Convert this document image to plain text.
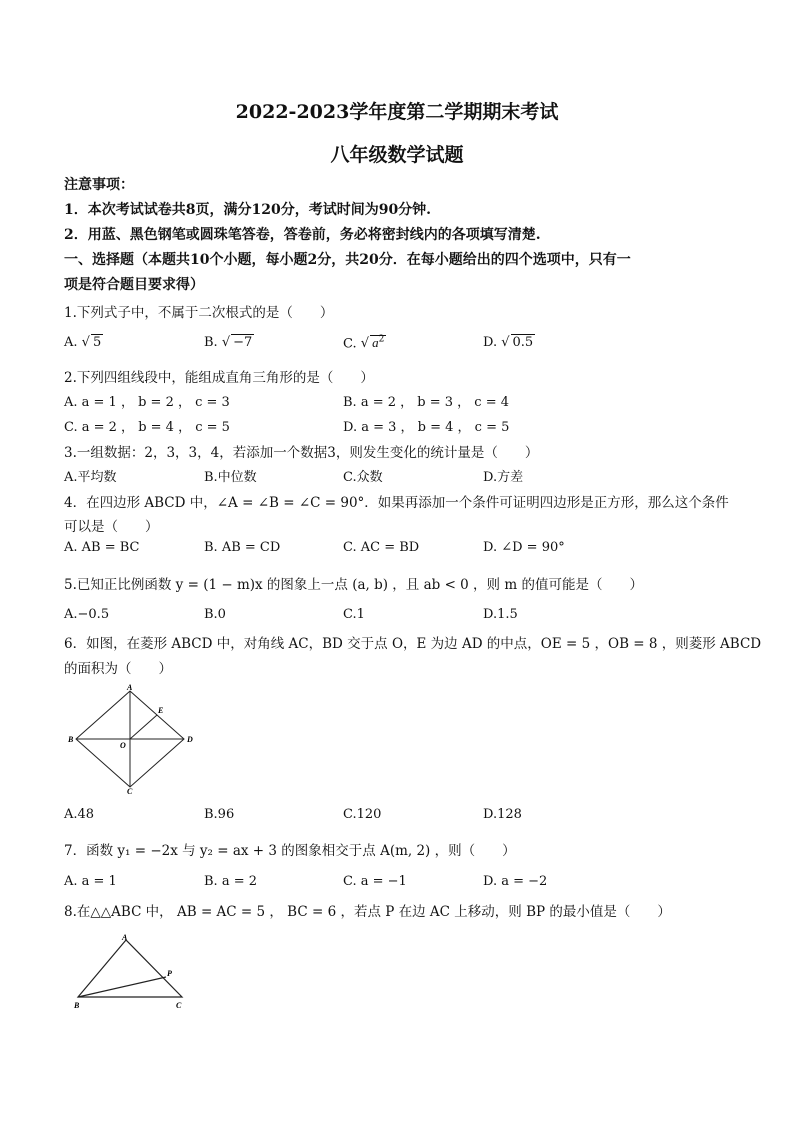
2022-2023学年度第二学期期末考试
八年级数学试题
注意事项：
1．本次考试试卷共8页，满分120分，考试时间为90分钟.
2．用蓝、黑色钢笔或圆珠笔答卷，答卷前，务必将密封线内的各项填写清楚.
一、选择题（本题共10个小题，每小题2分，共20分．在每小题给出的四个选项中，只有一
项是符合题目要求得）
1.下列式子中，不属于二次根式的是（　　）
A. √ 5	B. √ −7	C. √ $a^2$	D. √ 0.5
2.下列四组线段中，能组成直角三角形的是（　　）
A. a = 1 ， b = 2 ， c = 3	B. a = 2 ， b = 3 ， c = 4
C. a = 2 ， b = 4 ， c = 5	D. a = 3 ， b = 4 ， c = 5
3.一组数据：2，3，3，4，若添加一个数据3，则发生变化的统计量是（　　）
A.平均数	B.中位数	C.众数	D.方差
4．在四边形 ABCD 中，∠A = ∠B = ∠C = 90°．如果再添加一个条件可证明四边形是正方形，那么这个条件
可以是（　　）
A. AB = BC	B. AB = CD	C. AC = BD	D. ∠D = 90°
5.已知正比例函数 y = (1 − m)x 的图象上一点 (a, b) ，且 ab < 0 ，则 m 的值可能是（　　）
A.−0.5	B.0	C.1	D.1.5
6．如图，在菱形 ABCD 中，对角线 AC，BD 交于点 O，E 为边 AD 的中点，OE = 5 ，OB = 8 ，则菱形 ABCD
的面积为（　　）
A
B
C
D
E
O
A.48	B.96	C.120	D.128
7．函数 y₁ = −2x 与 y₂ = ax + 3 的图象相交于点 A(m, 2) ，则（　　）
A. a = 1	B. a = 2	C. a = −1	D. a = −2
8.在△△ABC 中， AB = AC = 5 ， BC = 6 ，若点 P 在边 AC 上移动，则 BP 的最小值是（　　）
A
B	C
P
